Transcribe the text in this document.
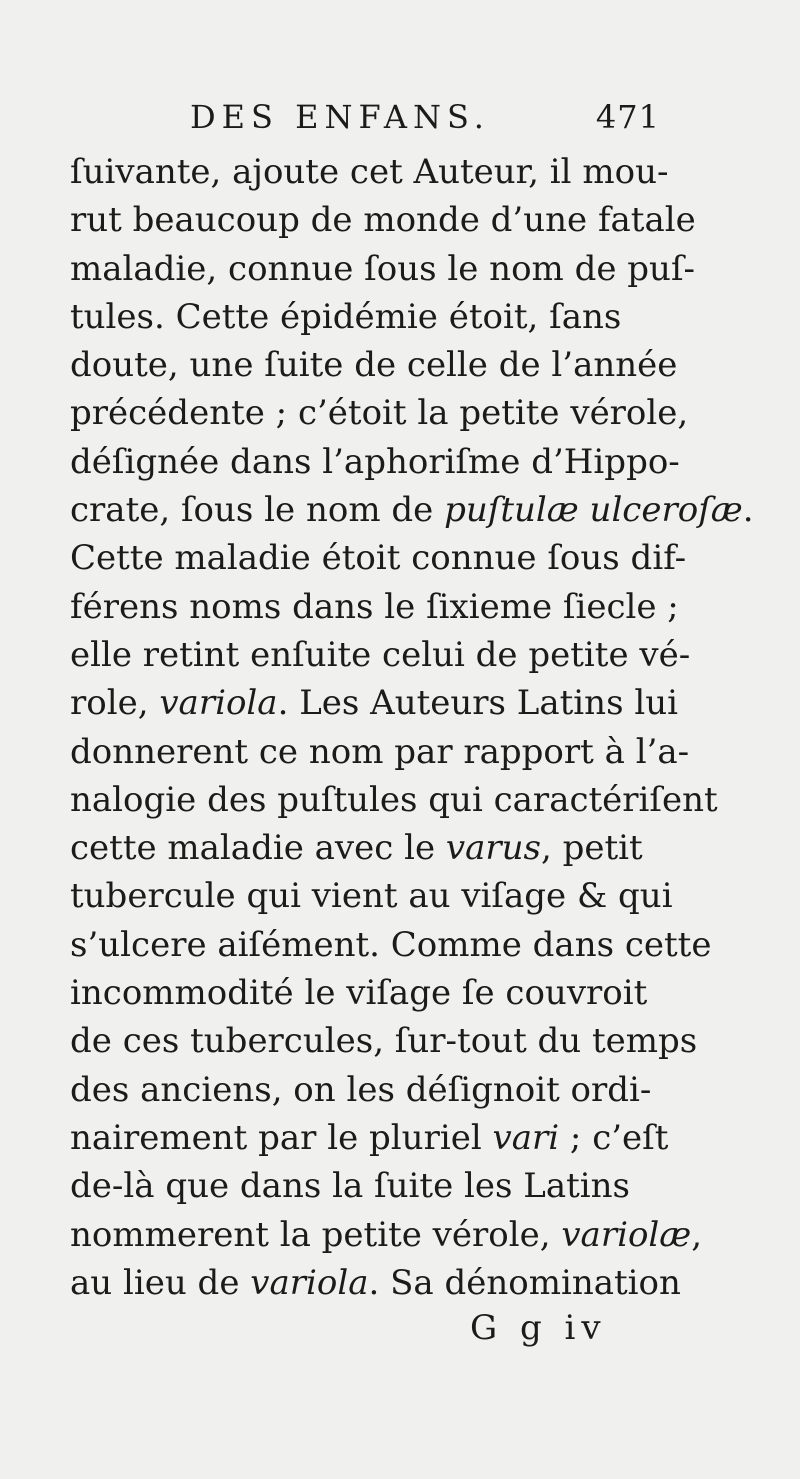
DES ENFANS.	471
ſuivante, ajoute cet Auteur, il mou-
rut beaucoup de monde d’une fatale
maladie, connue ſous le nom de puſ-
tules. Cette épidémie étoit, ſans
doute, une ſuite de celle de l’année
précédente ; c’étoit la petite vérole,
déſignée dans l’aphoriſme d’Hippo-
crate, ſous le nom de puſtulæ ulceroſæ.
Cette maladie étoit connue ſous dif-
férens noms dans le ſixieme ſiecle ;
elle retint enſuite celui de petite vé-
role, variola. Les Auteurs Latins lui
donnerent ce nom par rapport à l’a-
nalogie des puſtules qui caractériſent
cette maladie avec le varus, petit
tubercule qui vient au viſage & qui
s’ulcere aiſément. Comme dans cette
incommodité le viſage ſe couvroit
de ces tubercules, ſur-tout du temps
des anciens, on les déſignoit ordi-
nairement par le pluriel vari ; c’eſt
de-là que dans la ſuite les Latins
nommerent la petite vérole, variolæ,
au lieu de variola. Sa dénomination
G g iv
